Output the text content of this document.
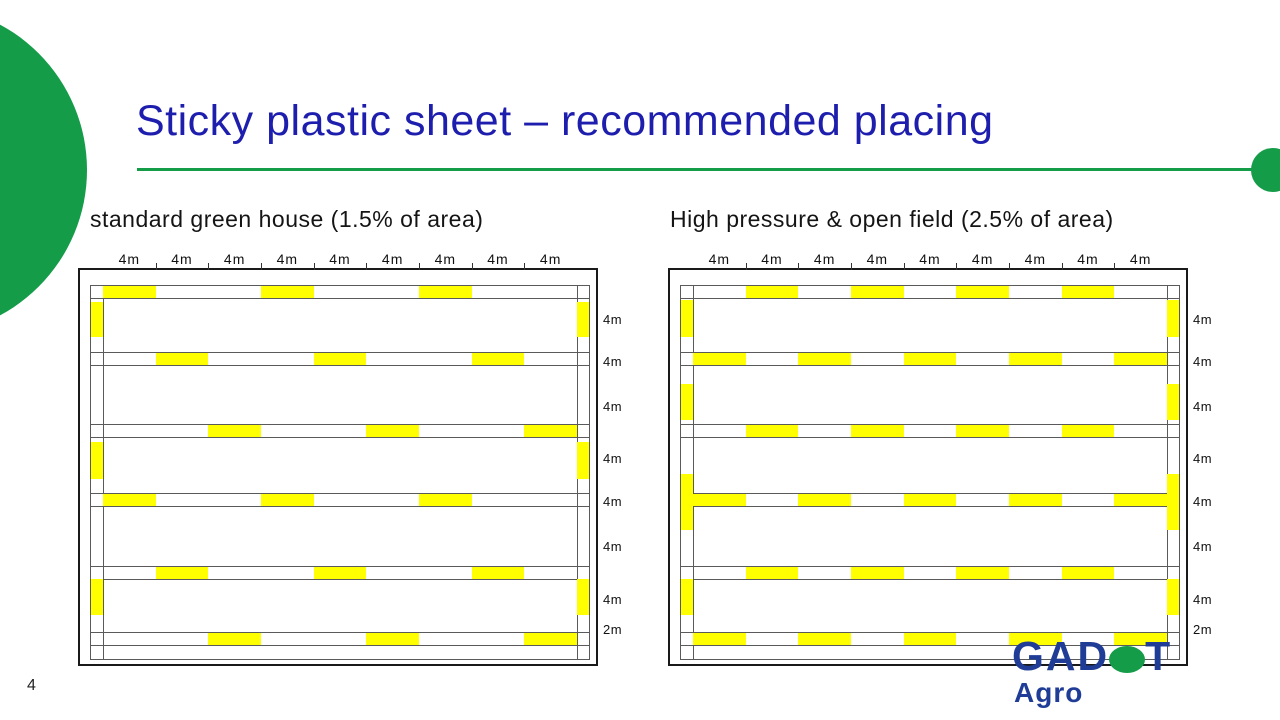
Sticky plastic sheet – recommended placing
standard green house (1.5% of area)	High pressure & open field (2.5% of area)
4m	4m	4m	4m	4m	4m	4m	4m	4m
4m
4m
4m
4m
4m
4m
4m
2m
4m	4m	4m	4m	4m	4m	4m	4m	4m
4m
4m
4m
4m
4m
4m
4m
2m
GAD T
Agro
4
